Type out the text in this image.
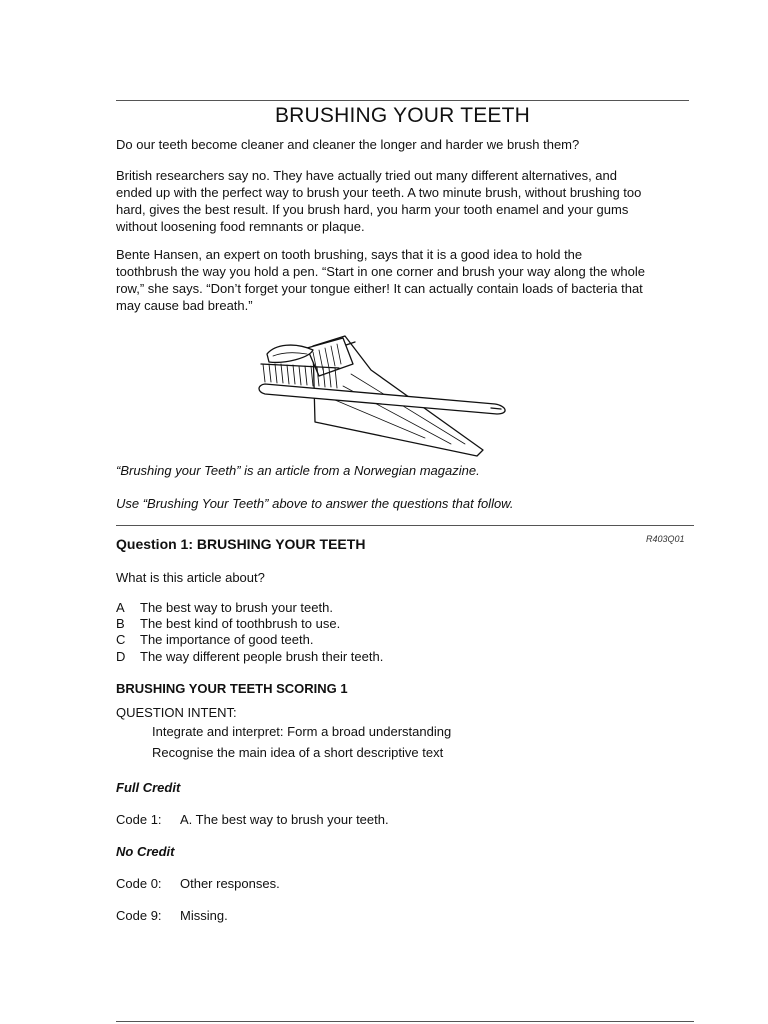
BRUSHING YOUR TEETH

Do our teeth become cleaner and cleaner the longer and harder we brush them?

British researchers say no. They have actually tried out many different alternatives, and ended up with the perfect way to brush your teeth. A two minute brush, without brushing too hard, gives the best result. If you brush hard, you harm your tooth enamel and your gums without loosening food remnants or plaque.

Bente Hansen, an expert on tooth brushing, says that it is a good idea to hold the toothbrush the way you hold a pen. “Start in one corner and brush your way along the whole row,” she says. “Don’t forget your tongue either! It can actually contain loads of bacteria that may cause bad breath.”

“Brushing your Teeth” is an article from a Norwegian magazine.

Use “Brushing Your Teeth” above to answer the questions that follow.

Question 1: BRUSHING YOUR TEETH	R403Q01
What is this article about?
A The best way to brush your teeth.
B The best kind of toothbrush to use.
C The importance of good teeth.
D The way different people brush their teeth.
BRUSHING YOUR TEETH SCORING 1
QUESTION INTENT:
Integrate and interpret: Form a broad understanding
Recognise the main idea of a short descriptive text
Full Credit
Code 1: A. The best way to brush your teeth.
No Credit
Code 0: Other responses.
Code 9: Missing.
